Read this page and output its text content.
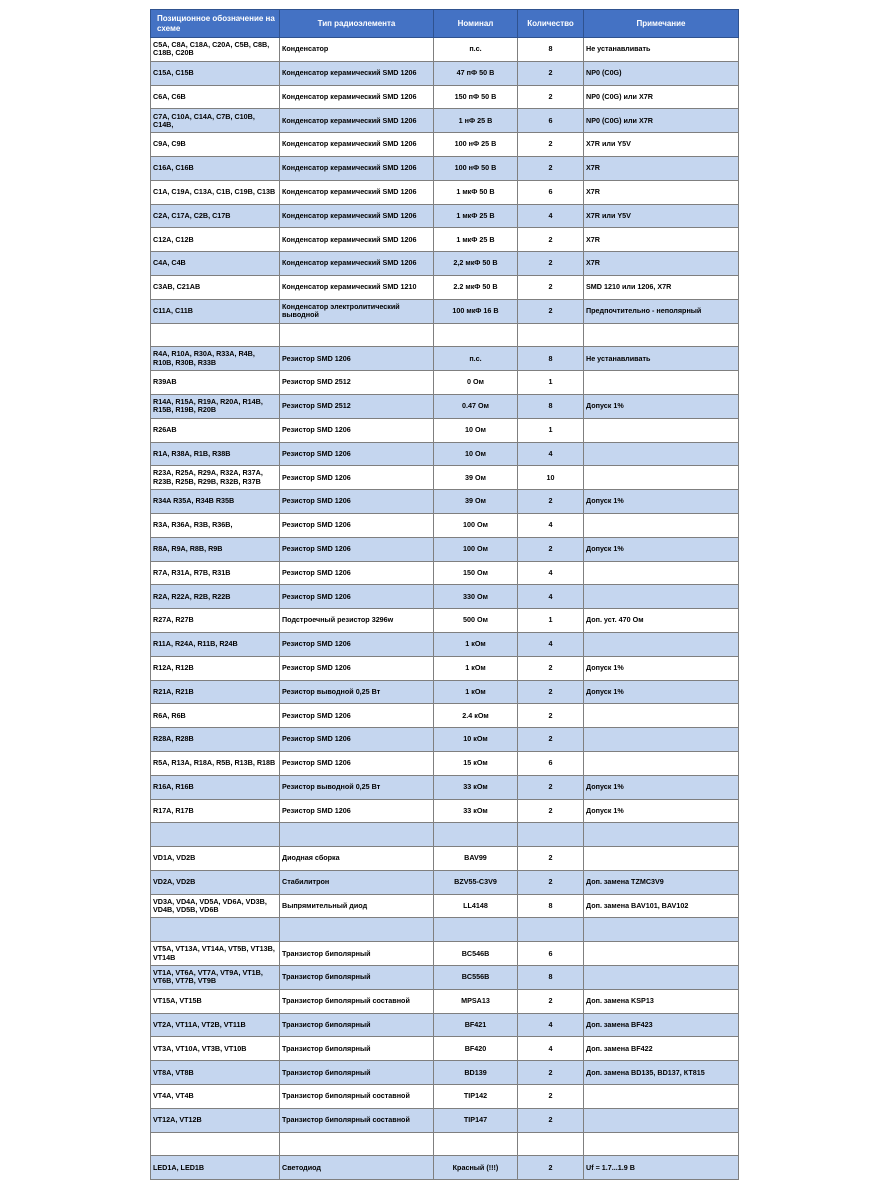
Позиционное обозначение на схеме	Тип радиоэлемента	Номинал	Количество	Примечание
C5A, C8A, C18A, C20A, C5B, C8B, C18B, C20B	Конденсатор	п.с.	8	Не устанавливать
C15A, C15B	Конденсатор керамический SMD 1206	47 пФ 50 В	2	NP0 (C0G)
C6A, C6B	Конденсатор керамический SMD 1206	150 пФ 50 В	2	NP0 (C0G) или X7R
C7A, C10A, C14A, C7B, C10B, C14B,	Конденсатор керамический SMD 1206	1 нФ 25 В	6	NP0 (C0G) или X7R
C9A, C9B	Конденсатор керамический SMD 1206	100 нФ 25 В	2	X7R или Y5V
C16A, C16B	Конденсатор керамический SMD 1206	100 нФ 50 В	2	X7R
C1A, C19A, C13A, C1B, C19B, C13B	Конденсатор керамический SMD 1206	1 мкФ 50 В	6	X7R
C2A, C17A, C2B, C17B	Конденсатор керамический SMD 1206	1 мкФ 25 В	4	X7R или Y5V
C12A, C12B	Конденсатор керамический SMD 1206	1 мкФ 25 В	2	X7R
C4A, C4B	Конденсатор керамический SMD 1206	2,2 мкФ 50 В	2	X7R
C3AB, C21AB	Конденсатор керамический SMD 1210	2.2 мкФ 50 В	2	SMD 1210 или 1206, X7R
C11A, C11B	Конденсатор электролитический выводной	100 мкФ 16 В	2	Предпочтительно - неполярный

R4A, R10A, R30A, R33A, R4B, R10B, R30B, R33B	Резистор SMD 1206	п.с.	8	Не устанавливать
R39AB	Резистор SMD 2512	0 Ом	1	
R14A, R15A, R19A, R20A, R14B, R15B, R19B, R20B	Резистор SMD 2512	0.47 Ом	8	Допуск 1%
R26AB	Резистор SMD 1206	10 Ом	1	
R1A, R38A, R1B, R38B	Резистор SMD 1206	10 Ом	4	
R23A, R25A, R29A, R32A, R37A, R23B, R25B, R29B, R32B, R37B	Резистор SMD 1206	39 Ом	10	
R34A R35A, R34B R35B	Резистор SMD 1206	39 Ом	2	Допуск 1%
R3A, R36A, R3B, R36B,	Резистор SMD 1206	100 Ом	4	
R8A, R9A, R8B, R9B	Резистор SMD 1206	100 Ом	2	Допуск 1%
R7A, R31A, R7B, R31B	Резистор SMD 1206	150 Ом	4	
R2A, R22A, R2B, R22B	Резистор SMD 1206	330 Ом	4	
R27A, R27B	Подстроечный резистор 3296w	500 Ом	1	Доп. уст. 470 Ом
R11A, R24A, R11B, R24B	Резистор SMD 1206	1 кОм	4	
R12A, R12B	Резистор SMD 1206	1 кОм	2	Допуск 1%
R21A, R21B	Резистор выводной 0,25 Вт	1 кОм	2	Допуск 1%
R6A, R6B	Резистор SMD 1206	2.4 кОм	2	
R28A, R28B	Резистор SMD 1206	10 кОм	2	
R5A, R13A, R18A, R5B, R13B, R18B	Резистор SMD 1206	15 кОм	6	
R16A, R16B	Резистор выводной 0,25 Вт	33 кОм	2	Допуск 1%
R17A, R17B	Резистор SMD 1206	33 кОм	2	Допуск 1%

VD1A, VD2B	Диодная сборка	BAV99	2	
VD2A, VD2B	Стабилитрон	BZV55-C3V9	2	Доп. замена TZMC3V9
VD3A, VD4A, VD5A, VD6A, VD3B, VD4B, VD5B, VD6B	Выпрямительный диод	LL4148	8	Доп. замена BAV101, BAV102

VT5A, VT13A, VT14A, VT5B, VT13B, VT14B	Транзистор биполярный	BC546B	6	
VT1A, VT6A, VT7A, VT9A, VT1B, VT6B, VT7B, VT9B	Транзистор биполярный	BC556B	8	
VT15A, VT15B	Транзистор биполярный составной	MPSA13	2	Доп. замена KSP13
VT2A, VT11A, VT2B, VT11B	Транзистор биполярный	BF421	4	Доп. замена BF423
VT3A, VT10A, VT3B, VT10B	Транзистор биполярный	BF420	4	Доп. замена BF422
VT8A, VT8B	Транзистор биполярный	BD139	2	Доп. замена BD135, BD137, КТ815
VT4A, VT4B	Транзистор биполярный составной	TIP142	2	
VT12A, VT12B	Транзистор биполярный составной	TIP147	2	

LED1A, LED1B	Светодиод	Красный (!!!)	2	Uf = 1.7...1.9 В
